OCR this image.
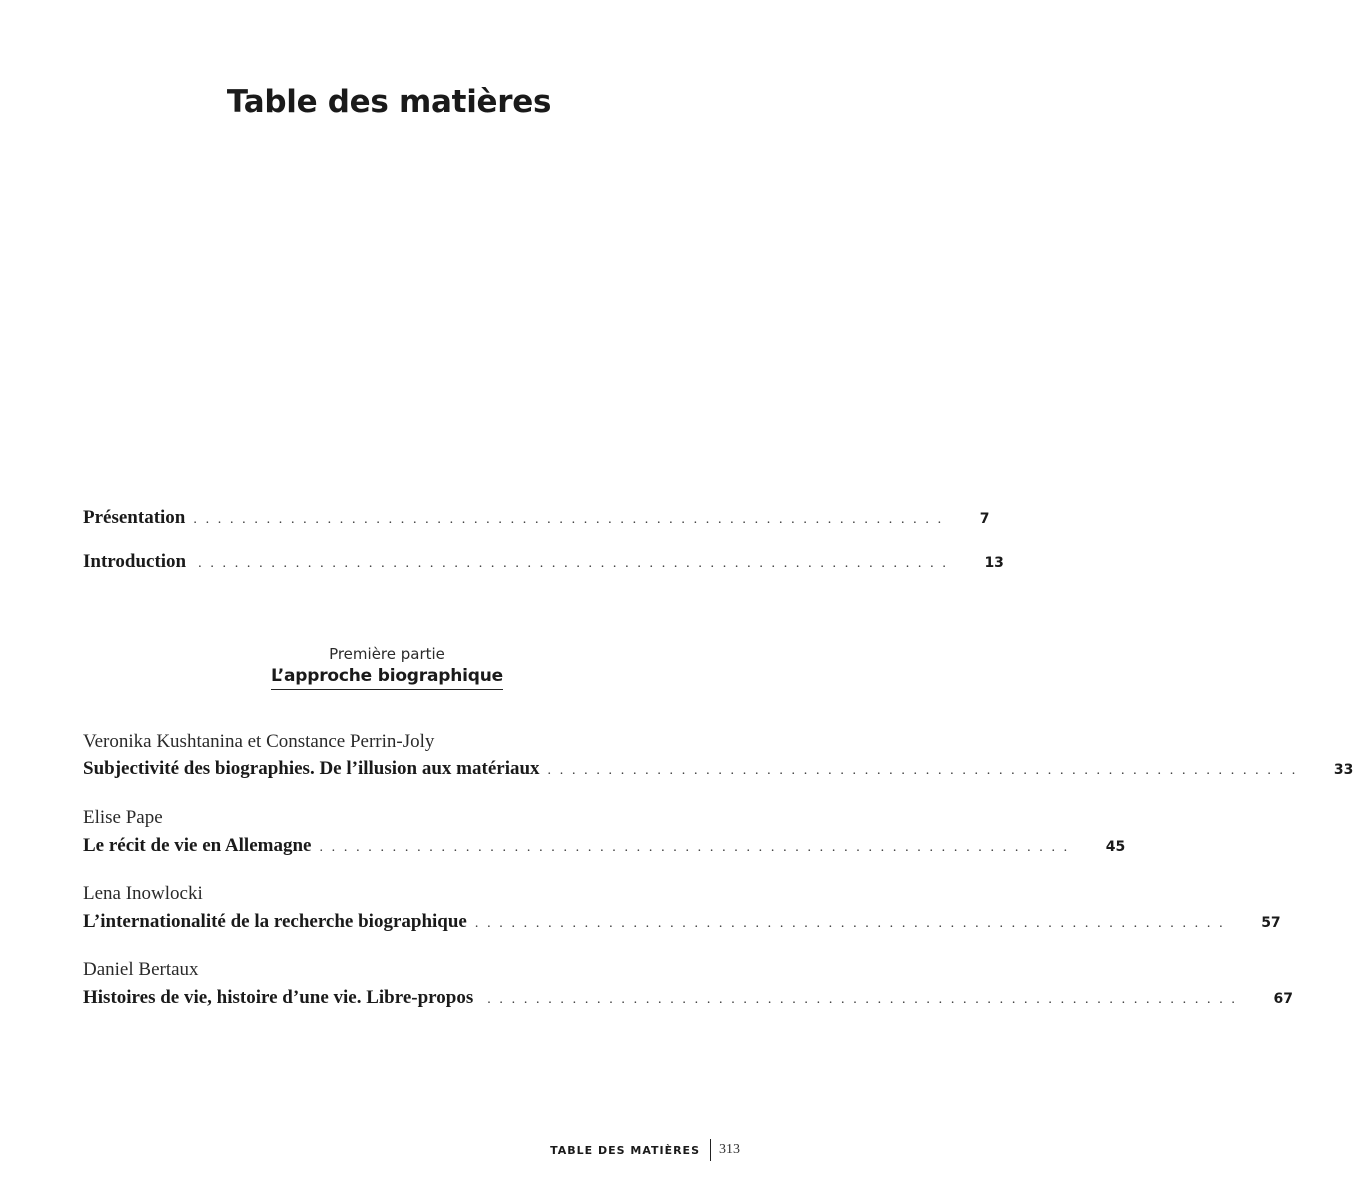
Table des matières
Présentation . . . . . . . . . . . . . . . . . . . . . . . . . . . . . . . . . . . . . . . . . . . . . . . . . . . . . . . . . . . . . .	7
Introduction . . . . . . . . . . . . . . . . . . . . . . . . . . . . . . . . . . . . . . . . . . . . . . . . . . . . . . . . . . . . . .	13
Première partie
L’approche biographique
Veronika Kushtanina et Constance Perrin-Joly
Subjectivité des biographies. De l’illusion aux matériaux . . . . . . . . . . . . . . . . . . . . . . . . . . . . . . . . . . . . . . . . . . . . . . . . . . . . . . . . . . . . . .	33
Elise Pape
Le récit de vie en Allemagne . . . . . . . . . . . . . . . . . . . . . . . . . . . . . . . . . . . . . . . . . . . . . . . . . . . . . . . . . . . . . .	45
Lena Inowlocki
L’internationalité de la recherche biographique . . . . . . . . . . . . . . . . . . . . . . . . . . . . . . . . . . . . . . . . . . . . . . . . . . . . . . . . . . . . . .	57
Daniel Bertaux
Histoires de vie, histoire d’une vie. Libre-propos . . . . . . . . . . . . . . . . . . . . . . . . . . . . . . . . . . . . . . . . . . . . . . . . . . . . . . . . . . . . . .	67
TABLE DES MATIÈRES 313
